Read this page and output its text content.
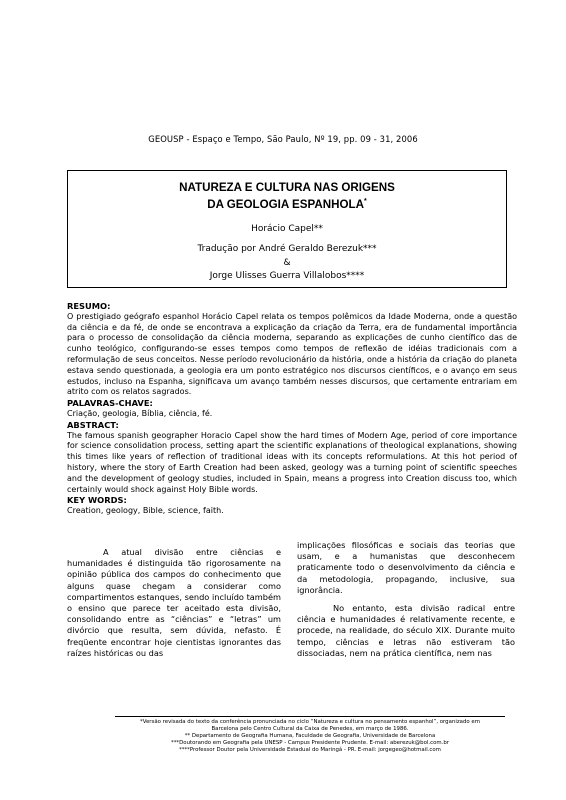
GEOUSP - Espaço e Tempo, São Paulo, Nº 19, pp. 09 - 31, 2006
NATUREZA E CULTURA NAS ORIGENS
DA GEOLOGIA ESPANHOLA*
Horácio Capel**
Tradução por André Geraldo Berezuk***
&
Jorge Ulisses Guerra Villalobos****
RESUMO:

O prestigiado geógrafo espanhol Horácio Capel relata os tempos polêmicos da Idade Moderna, onde a questão da ciência e da fé, de onde se encontrava a explicação da criação da Terra, era de fundamental importância para o processo de consolidação da ciência moderna, separando as explicações de cunho científico das de cunho teológico, configurando-se esses tempos como tempos de reflexão de idéias tradicionais com a reformulação de seus conceitos. Nesse período revolucionário da história, onde a história da criação do planeta estava sendo questionada, a geologia era um ponto estratégico nos discursos científicos, e o avanço em seus estudos, incluso na Espanha, significava um avanço também nesses discursos, que certamente entrariam em atrito com os relatos sagrados.

PALAVRAS-CHAVE:

Criação, geologia, Bíblia, ciência, fé.

ABSTRACT:

The famous spanish geographer Horacio Capel show the hard times of Modern Age, period of core importance for science consolidation process, setting apart the scientific explanations of theological explanations, showing this times like years of reflection of traditional ideas with its concepts reformulations. At this hot period of history, where the story of Earth Creation had been asked, geology was a turning point of scientific speeches and the development of geology studies, included in Spain, means a progress into Creation discuss too, which certainly would shock against Holy Bible words.

KEY WORDS:

Creation, geology, Bible, science, faith.

A atual divisão entre ciências e humanidades é distinguida tão rigorosamente na opinião pública dos campos do conhecimento que alguns quase chegam a considerar como compartimentos estanques, sendo incluído também o ensino que parece ter aceitado esta divisão, consolidando entre as “ciências” e “letras” um divórcio que resulta, sem dúvida, nefasto. É freqüente encontrar hoje cientistas ignorantes das raízes históricas ou das

implicações filosóficas e sociais das teorias que usam, e a humanistas que desconhecem praticamente todo o desenvolvimento da ciência e da metodologia, propagando, inclusive, sua ignorância.

No entanto, esta divisão radical entre ciência e humanidades é relativamente recente, e procede, na realidade, do século XIX. Durante muito tempo, ciências e letras não estiveram tão dissociadas, nem na prática científica, nem nas

*Versão revisada do texto da conferência pronunciada no ciclo “Natureza e cultura no pensamento espanhol”, organizado em
Barcelona pelo Centro Cultural da Caixa de Penedes, em março de 1986.
** Departamento de Geografia Humana, Faculdade de Geografia, Universidade de Barcelona
***Doutorando em Geografia pela UNESP - Campus Presidente Prudente. E-mail: aberezuk@bol.com.br
****Professor Doutor pela Universidade Estadual do Maringá - PR. E-mail: jorgegeo@hotmail.com
